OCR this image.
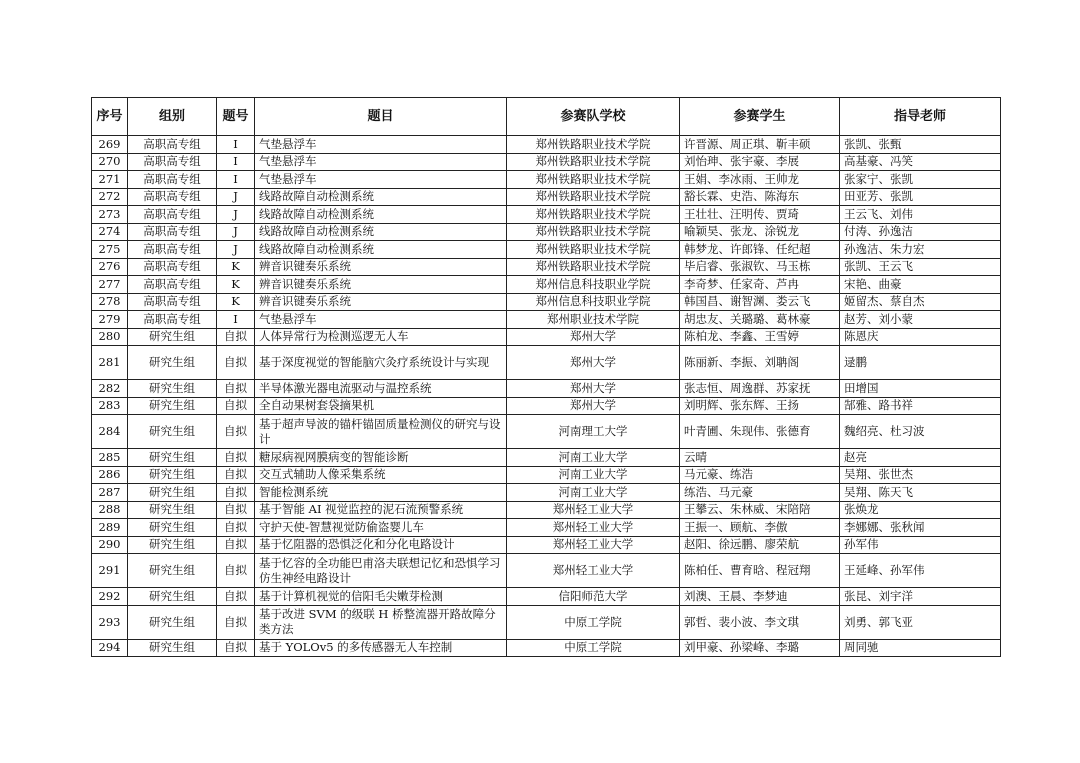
序号	组别	题号	题目	参赛队学校	参赛学生	指导老师
269	高职高专组	I	气垫悬浮车	郑州铁路职业技术学院	许晋源、周正琪、靳丰硕	张凯、张甄
270	高职高专组	I	气垫悬浮车	郑州铁路职业技术学院	刘怡珅、张宇豪、李展	高基豪、冯笑
271	高职高专组	I	气垫悬浮车	郑州铁路职业技术学院	王娟、李冰雨、王帅龙	张家宁、张凯
272	高职高专组	J	线路故障自动检测系统	郑州铁路职业技术学院	豁长霖、史浩、陈海东	田亚芳、张凯
273	高职高专组	J	线路故障自动检测系统	郑州铁路职业技术学院	王壮壮、汪明传、贾琦	王云飞、刘伟
274	高职高专组	J	线路故障自动检测系统	郑州铁路职业技术学院	喻颖昊、张龙、涂锐龙	付涛、孙逸洁
275	高职高专组	J	线路故障自动检测系统	郑州铁路职业技术学院	韩梦龙、许郎锋、任纪超	孙逸洁、朱力宏
276	高职高专组	K	辨音识键奏乐系统	郑州铁路职业技术学院	毕启睿、张淑钦、马玉栋	张凯、王云飞
277	高职高专组	K	辨音识键奏乐系统	郑州信息科技职业学院	李奇梦、任家奇、芦冉	宋艳、曲豪
278	高职高专组	K	辨音识键奏乐系统	郑州信息科技职业学院	韩国昌、谢智渊、娄云飞	姬留杰、蔡自杰
279	高职高专组	I	气垫悬浮车	郑州职业技术学院	胡忠友、关璐璐、葛林豪	赵芳、刘小蒙
280	研究生组	自拟	人体异常行为检测巡逻无人车	郑州大学	陈柏龙、李鑫、王雪婷	陈恩庆
281	研究生组	自拟	基于深度视觉的智能脑穴灸疗系统设计与实现	郑州大学	陈丽新、李振、刘聃阁	逯鹏
282	研究生组	自拟	半导体激光器电流驱动与温控系统	郑州大学	张志恒、周逸群、苏家抚	田增国
283	研究生组	自拟	全自动果树套袋摘果机	郑州大学	刘明辉、张东辉、王扬	郜雅、路书祥
284	研究生组	自拟	基于超声导波的锚杆锚固质量检测仪的研究与设计	河南理工大学	叶青圃、朱现伟、张德育	魏绍亮、杜习波
285	研究生组	自拟	糖尿病视网膜病变的智能诊断	河南工业大学	云晴	赵亮
286	研究生组	自拟	交互式辅助人像采集系统	河南工业大学	马元豪、练浩	吴翔、张世杰
287	研究生组	自拟	智能检测系统	河南工业大学	练浩、马元豪	吴翔、陈天飞
288	研究生组	自拟	基于智能 AI 视觉监控的泥石流预警系统	郑州轻工业大学	王攀云、朱林威、宋陪陪	张焕龙
289	研究生组	自拟	守护天使-智慧视觉防偷盗婴儿车	郑州轻工业大学	王振一、顾航、李傲	李娜娜、张秋闻
290	研究生组	自拟	基于忆阻器的恐惧泛化和分化电路设计	郑州轻工业大学	赵阳、徐远鹏、廖荣航	孙军伟
291	研究生组	自拟	基于忆容的全功能巴甫洛夫联想记忆和恐惧学习仿生神经电路设计	郑州轻工业大学	陈柏任、曹育晗、程冠翔	王延峰、孙军伟
292	研究生组	自拟	基于计算机视觉的信阳毛尖嫩芽检测	信阳师范大学	刘澳、王晨、李梦迪	张昆、刘宇洋
293	研究生组	自拟	基于改进 SVM 的级联 H 桥整流器开路故障分类方法	中原工学院	郭哲、裴小波、李文琪	刘勇、郭飞亚
294	研究生组	自拟	基于 YOLOv5 的多传感器无人车控制	中原工学院	刘甲豪、孙梁峰、李璐	周同驰
